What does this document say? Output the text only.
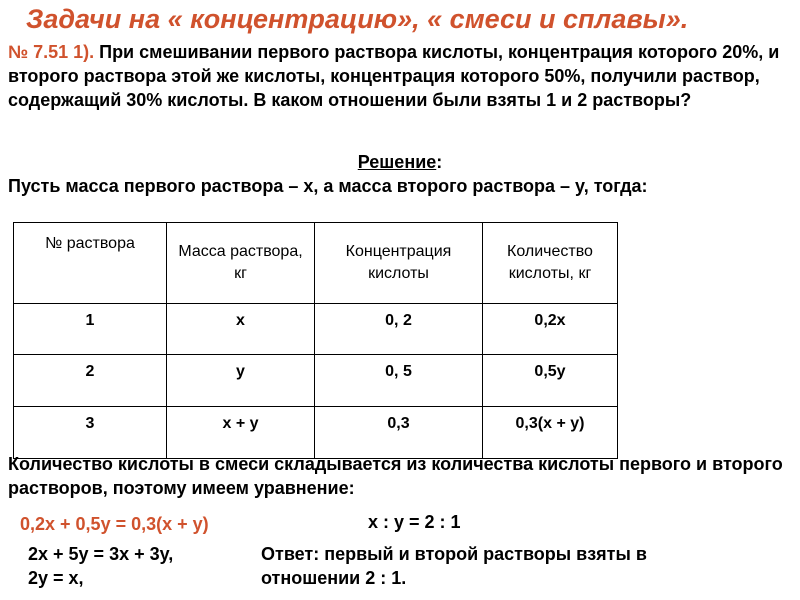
Задачи на « концентрацию», « смеси и сплавы».
№ 7.51 1). При смешивании первого раствора кислоты, концентрация которого 20%, и второго раствора этой же кислоты, концентрация которого 50%, получили раствор, содержащий 30% кислоты. В каком отношении были взяты 1 и 2 растворы?
Решение:
Пусть масса первого раствора – х, а масса второго раствора – у, тогда:
№ раствора	Масса раствора, кг	Концентрация кислоты	Количество кислоты, кг
1	х	0, 2	0,2х
2	у	0, 5	0,5у
3	х + у	0,3	0,3(х + у)
Количество кислоты в смеси складывается из количества кислоты первого и второго растворов, поэтому имеем уравнение:
0,2х + 0,5у = 0,3(х + у)	х : у = 2 : 1
2х + 5у = 3х + 3у,
2у = х,
Ответ: первый и второй растворы взяты в
отношении 2 : 1.
